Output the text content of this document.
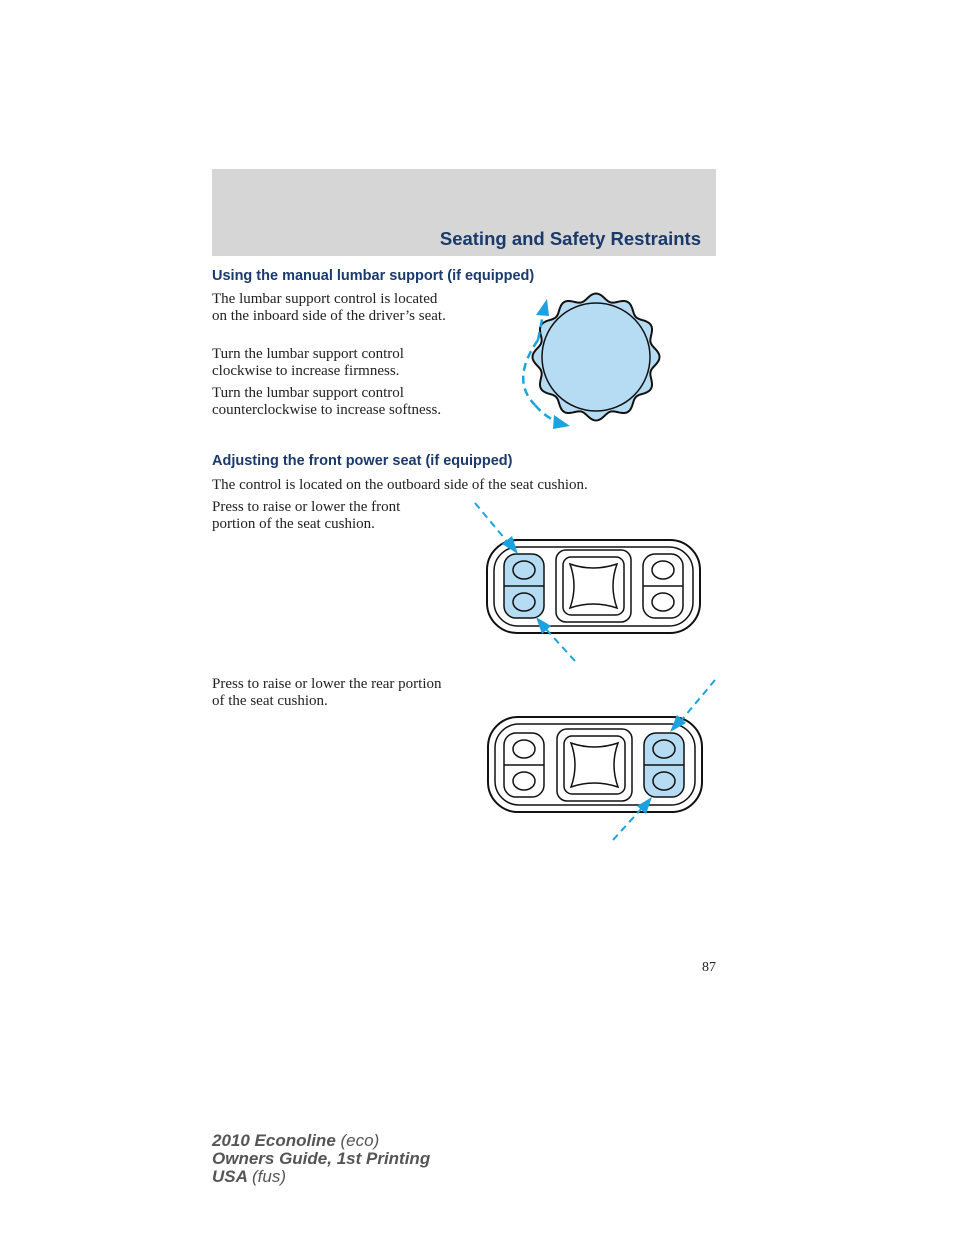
Seating and Safety Restraints
Using the manual lumbar support (if equipped)

The lumbar support control is located on the inboard side of the driver’s seat.

Turn the lumbar support control clockwise to increase firmness.

Turn the lumbar support control counterclockwise to increase softness.

Adjusting the front power seat (if equipped)

The control is located on the outboard side of the seat cushion.

Press to raise or lower the front portion of the seat cushion.

Press to raise or lower the rear portion of the seat cushion.

87
2010 Econoline (eco)
Owners Guide, 1st Printing
USA (fus)
